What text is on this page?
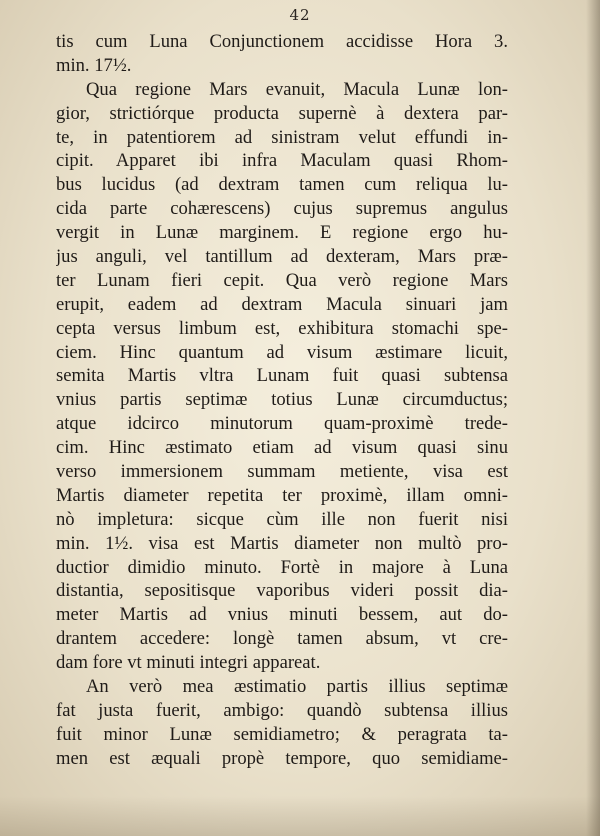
42
tis cum Luna Conjunctionem accidisse Hora 3.
min. 17½.
Qua regione Mars evanuit, Macula Lunæ lon-
gior, strictiórque producta supernè à dextera par-
te, in patentiorem ad sinistram velut effundi in-
cipit. Apparet ibi infra Maculam quasi Rhom-
bus lucidus (ad dextram tamen cum reliqua lu-
cida parte cohærescens) cujus supremus angulus
vergit in Lunæ marginem. E regione ergo hu-
jus anguli, vel tantillum ad dexteram, Mars præ-
ter Lunam fieri cepit. Qua verò regione Mars
erupit, eadem ad dextram Macula sinuari jam
cepta versus limbum est, exhibitura stomachi spe-
ciem. Hinc quantum ad visum æstimare licuit,
semita Martis vltra Lunam fuit quasi subtensa
vnius partis septimæ totius Lunæ circumductus;
atque idcirco minutorum quam-proximè trede-
cim. Hinc æstimato etiam ad visum quasi sinu
verso immersionem summam metiente, visa est
Martis diameter repetita ter proximè, illam omni-
nò impletura: sicque cùm ille non fuerit nisi
min. 1½. visa est Martis diameter non multò pro-
ductior dimidio minuto. Fortè in majore à Luna
distantia, sepositisque vaporibus videri possit dia-
meter Martis ad vnius minuti bessem, aut do-
drantem accedere: longè tamen absum, vt cre-
dam fore vt minuti integri appareat.
An verò mea æstimatio partis illius septimæ
fat justa fuerit, ambigo: quandò subtensa illius
fuit minor Lunæ semidiametro; & peragrata ta-
men est æquali propè tempore, quo semidiame-
